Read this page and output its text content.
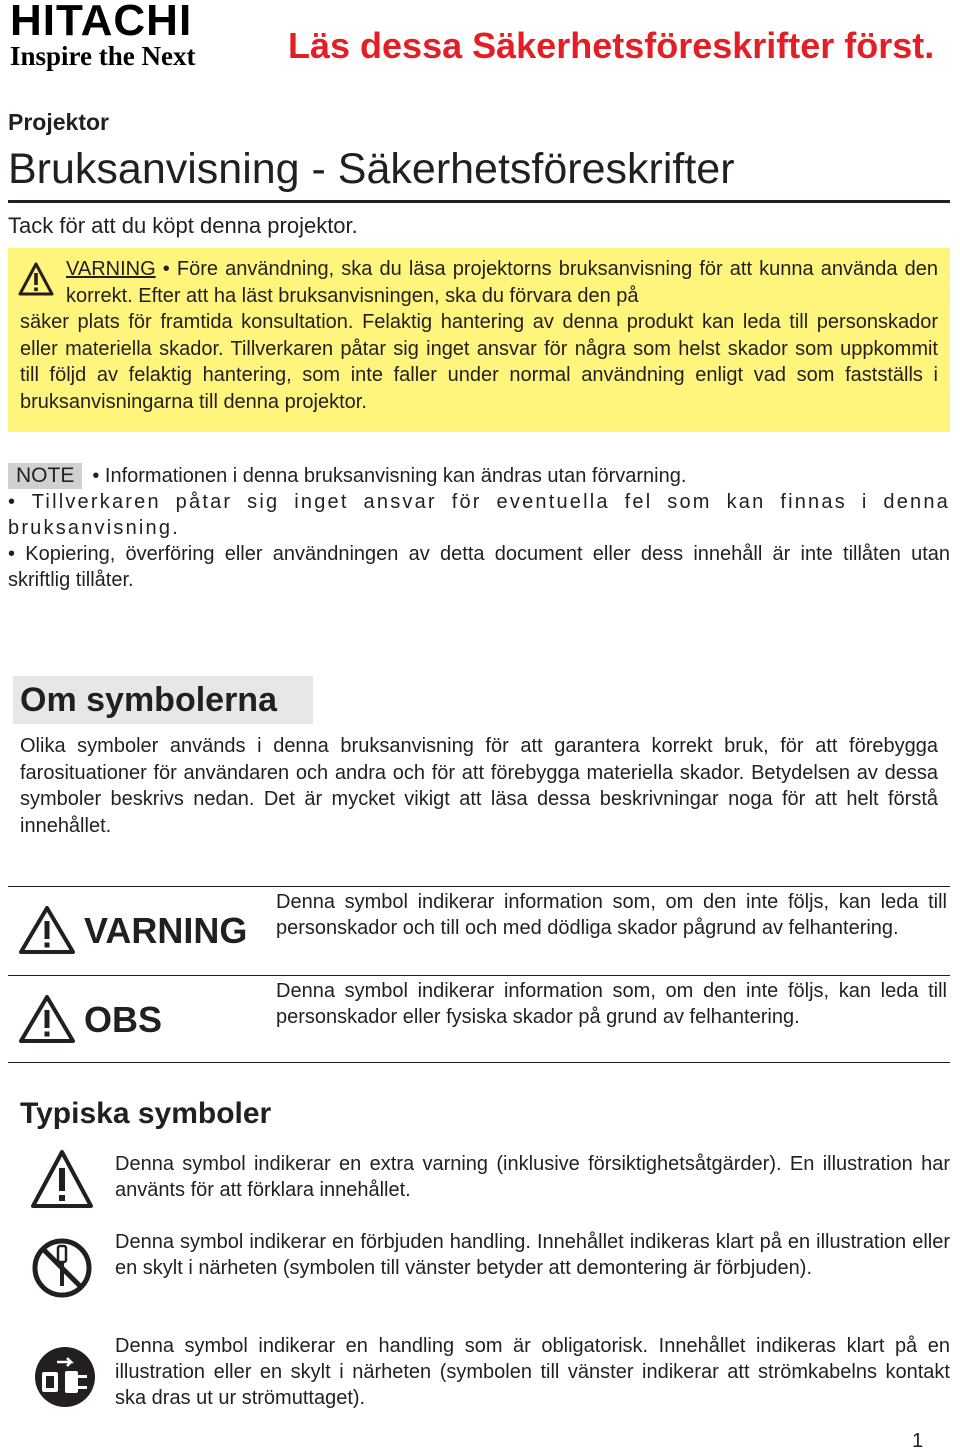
HITACHI
Inspire the Next	Läs dessa Säkerhetsföreskrifter först.
Projektor
Bruksanvisning - Säkerhetsföreskrifter
Tack för att du köpt denna projektor.
VARNING • Före användning, ska du läsa projektorns bruksanvisning för att kunna använda den korrekt. Efter att ha läst bruksanvisningen, ska du förvara den på
säker plats för framtida konsultation. Felaktig hantering av denna produkt kan leda till personskador eller materiella skador. Tillverkaren påtar sig inget ansvar för några som helst skador som uppkommit till följd av felaktig hantering, som inte faller under normal användning enligt vad som fastställs i bruksanvisningarna till denna projektor.

NOTE • Informationen i denna bruksanvisning kan ändras utan förvarning.

• Tillverkaren påtar sig inget ansvar för eventuella fel som kan finnas i denna bruksanvisning.

• Kopiering, överföring eller användningen av detta document eller dess innehåll är inte tillåten utan skriftlig tillåter.

Om symbolerna
Olika symboler används i denna bruksanvisning för att garantera korrekt bruk, för att förebygga farosituationer för användaren och andra och för att förebygga materiella skador. Betydelsen av dessa symboler beskrivs nedan. Det är mycket vikigt att läsa dessa beskrivningar noga för att helt förstå innehållet.
VARNING
Denna symbol indikerar information som, om den inte följs, kan leda till personskador och till och med dödliga skador pågrund av felhantering.
OBS
Denna symbol indikerar information som, om den inte följs, kan leda till personskador eller fysiska skador på grund av felhantering.
Typiska symboler
Denna symbol indikerar en extra varning (inklusive försiktighetsåtgärder). En illustration har använts för att förklara innehållet.
Denna symbol indikerar en förbjuden handling. Innehållet indikeras klart på en illustration eller en skylt i närheten (symbolen till vänster betyder att demontering är förbjuden).
Denna symbol indikerar en handling som är obligatorisk. Innehållet indikeras klart på en illustration eller en skylt i närheten (symbolen till vänster indikerar att strömkabelns kontakt ska dras ut ur strömuttaget).
1
